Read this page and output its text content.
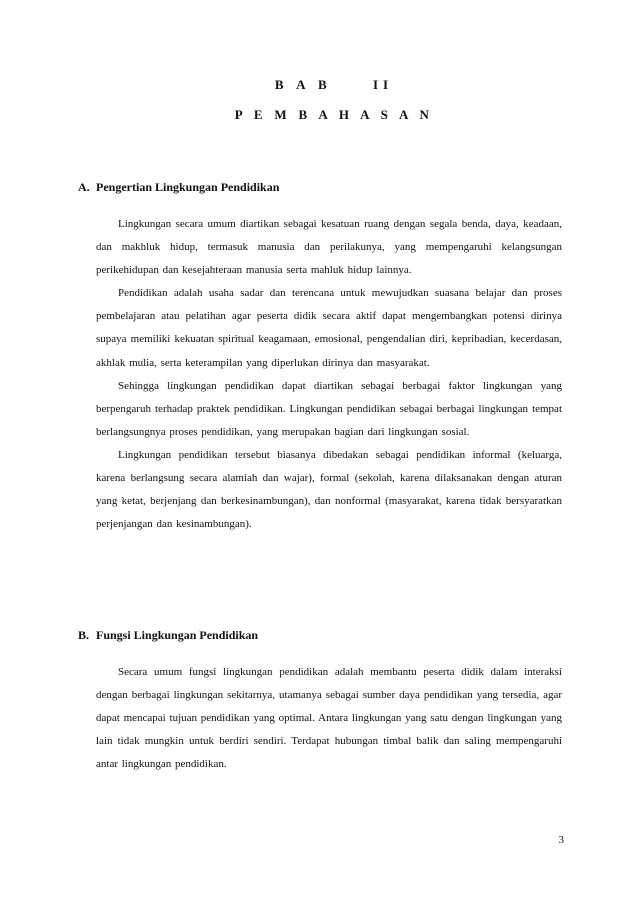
B A B     II
P E M B A H A S A N
A. Pengertian Lingkungan Pendidikan

Lingkungan secara umum diartikan sebagai kesatuan ruang dengan segala benda, daya, keadaan, dan makhluk hidup, termasuk manusia dan perilakunya, yang mempengaruhi kelangsungan perikehidupan dan kesejahteraan manusia serta mahluk hidup lainnya.

Pendidikan adalah usaha sadar dan terencana untuk mewujudkan suasana belajar dan proses pembelajaran atau pelatihan agar peserta didik secara aktif dapat mengembangkan potensi dirinya supaya memiliki kekuatan spiritual keagamaan, emosional, pengendalian diri, kepribadian, kecerdasan, akhlak mulia, serta keterampilan yang diperlukan dirinya dan masyarakat.

Sehingga lingkungan pendidikan dapat diartikan sebagai berbagai faktor lingkungan yang berpengaruh terhadap praktek pendidikan. Lingkungan pendidikan sebagai berbagai lingkungan tempat berlangsungnya proses pendidikan, yang merupakan bagian dari lingkungan sosial.

Lingkungan pendidikan tersebut biasanya dibedakan sebagai pendidikan informal (keluarga, karena berlangsung secara alamiah dan wajar), formal (sekolah, karena dilaksanakan dengan aturan yang ketat, berjenjang dan berkesinambungan), dan nonformal (masyarakat, karena tidak bersyaratkan perjenjangan dan kesinambungan).

B. Fungsi Lingkungan Pendidikan

Secara umum fungsi lingkungan pendidikan adalah membantu peserta didik dalam interaksi dengan berbagai lingkungan sekitarnya, utamanya sebagai sumber daya pendidikan yang tersedia, agar dapat mencapai tujuan pendidikan yang optimal. Antara lingkungan yang satu dengan lingkungan yang lain tidak mungkin untuk berdiri sendiri. Terdapat hubungan timbal balik dan saling mempengaruhi antar lingkungan pendidikan.

3
